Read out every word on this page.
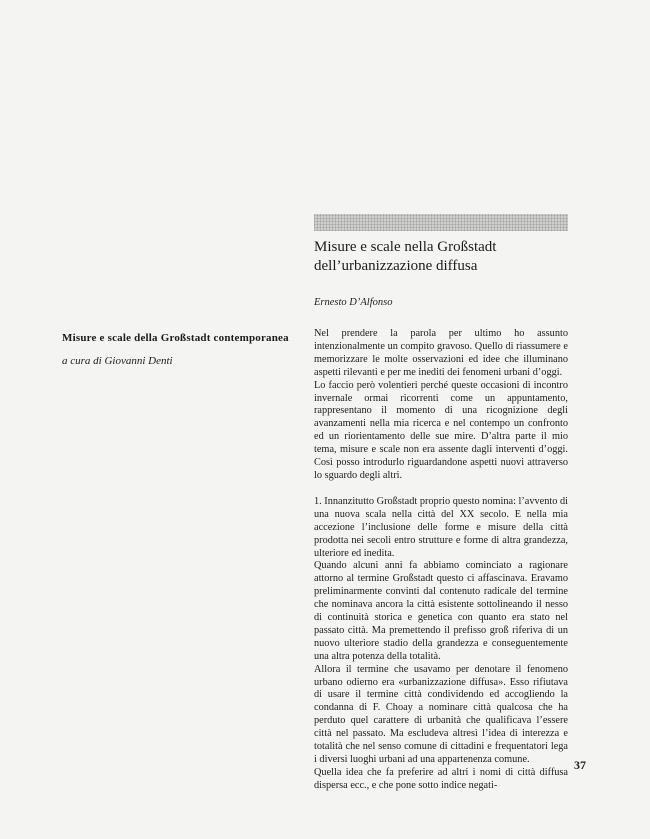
Misure e scale della Großstadt contemporanea
a cura di Giovanni Denti
Misure e scale nella Großstadt
dell’urbanizzazione diffusa
Ernesto D’Alfonso

Nel prendere la parola per ultimo ho assunto intenzionalmente un compito gravoso. Quello di riassumere e memorizzare le molte osservazioni ed idee che illuminano aspetti rilevanti e per me inediti dei fenomeni urbani d’oggi.

Lo faccio però volentieri perché queste occasioni di incontro invernale ormai ricorrenti come un appuntamento, rappresentano il momento di una ricognizione degli avanzamenti nella mia ricerca e nel contempo un confronto ed un riorientamento delle sue mire. D’altra parte il mio tema, misure e scale non era assente dagli interventi d’oggi. Così posso introdurlo riguardandone aspetti nuovi attraverso lo sguardo degli altri.

1. Innanzitutto Großstadt proprio questo nomina: l’avvento di una nuova scala nella città del XX secolo. E nella mia accezione l’inclusione delle forme e misure della città prodotta nei secoli entro strutture e forme di altra grandezza, ulteriore ed inedita.

Quando alcuni anni fa abbiamo cominciato a ragionare attorno al termine Großstadt questo ci affascinava. Eravamo preliminarmente convinti dal contenuto radicale del termine che nominava ancora la città esistente sottolineando il nesso di continuità storica e genetica con quanto era stato nel passato città. Ma premettendo il prefisso groß riferiva di un nuovo ulteriore stadio della grandezza e conseguentemente una altra potenza della totalità.

Allora il termine che usavamo per denotare il fenomeno urbano odierno era «urbanizzazione diffusa». Esso rifiutava di usare il termine città condividendo ed accogliendo la condanna di F. Choay a nominare città qualcosa che ha perduto quel carattere di urbanità che qualificava l’essere città nel passato. Ma escludeva altresì l’idea di interezza e totalità che nel senso comune di cittadini e frequentatori lega i diversi luoghi urbani ad una appartenenza comune.

Quella idea che fa preferire ad altri i nomi di città diffusa dispersa ecc., e che pone sotto indice negati-

37
